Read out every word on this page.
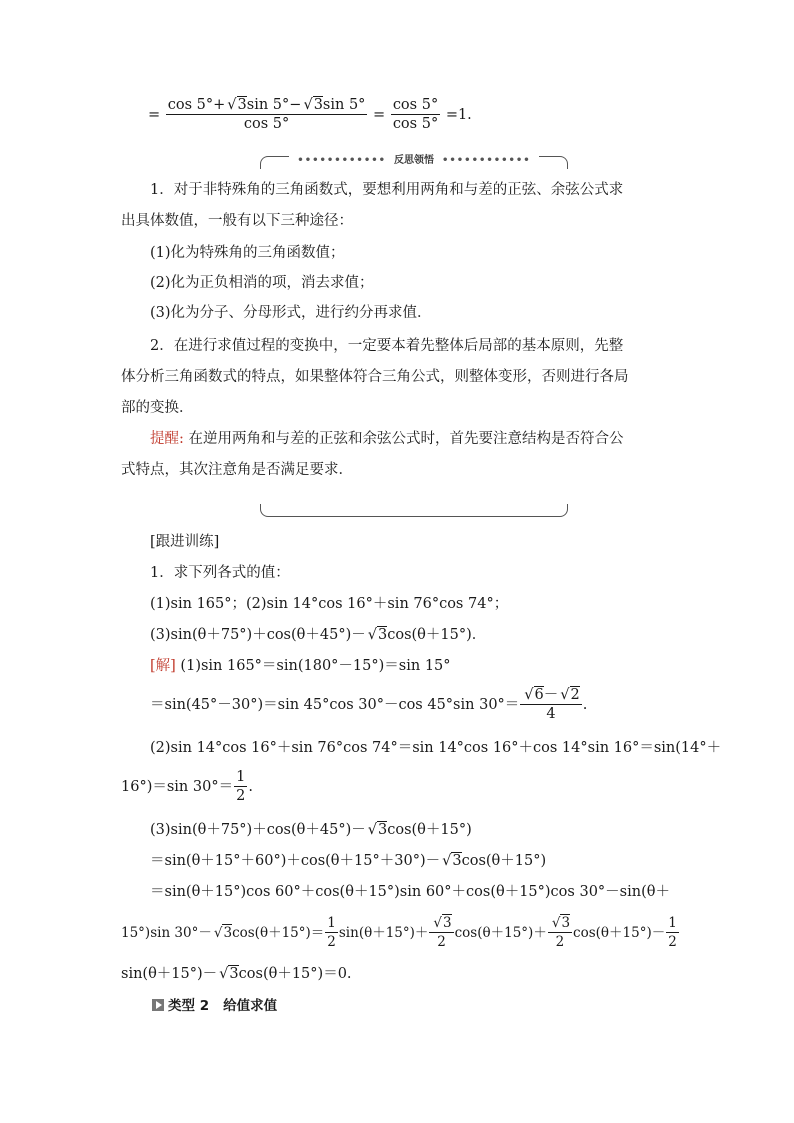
= $\frac{\cos 5^\circ+ √3\sin 5^\circ- √3\sin 5^\circ}{\cos 5^\circ} = \frac{\cos 5^\circ}{\cos 5^\circ} =1$.
•••••••••••• 反思领悟 ••••••••••••
1．对于非特殊角的三角函数式，要想利用两角和与差的正弦、余弦公式求
出具体数值，一般有以下三种途径：
(1)化为特殊角的三角函数值；
(2)化为正负相消的项，消去求值；
(3)化为分子、分母形式，进行约分再求值．
2．在进行求值过程的变换中，一定要本着先整体后局部的基本原则，先整
体分析三角函数式的特点，如果整体符合三角公式，则整体变形，否则进行各局
部的变换．
提醒: 在逆用两角和与差的正弦和余弦公式时，首先要注意结构是否符合公
式特点，其次注意角是否满足要求．
[跟进训练]
1．求下列各式的值：
(1)sin 165°；(2)sin 14°cos 16°＋sin 76°cos 74°；
(3)sin(θ＋75°)＋cos(θ＋45°)－ √3cos(θ＋15°)．
[解] (1)sin 165°＝sin(180°－15°)＝sin 15°
＝sin(45°－30°)＝sin 45°cos 30°－cos 45°sin $30^\circ= \frac{√6- √2}{4}$ .
(2)sin 14°cos 16°＋sin 76°cos 74°＝sin 14°cos 16°＋cos 14°sin 16°＝sin(14°＋
16°)＝sin $30^\circ= \frac{1}{2}$ .
(3)sin(θ＋75°)＋cos(θ＋45°)－ √3cos(θ＋15°)
＝sin(θ＋15°＋60°)＋cos(θ＋15°＋30°)－ √3cos(θ＋15°)
＝sin(θ＋15°)cos 60°＋cos(θ＋15°)sin 60°＋cos(θ＋15°)cos 30°－sin(θ＋
15°)sin $30^\circ- √3\cos(\theta+15^\circ)= \frac{1}{2} \sin(\theta+15^\circ)+ \frac{√3}{2} \cos(\theta+15^\circ)+ \frac{√3}{2} \cos(\theta+15^\circ)- \frac{1}{2}$
sin(θ＋15°)－ √3cos(θ＋15°)＝0.
类型 2 给值求值
